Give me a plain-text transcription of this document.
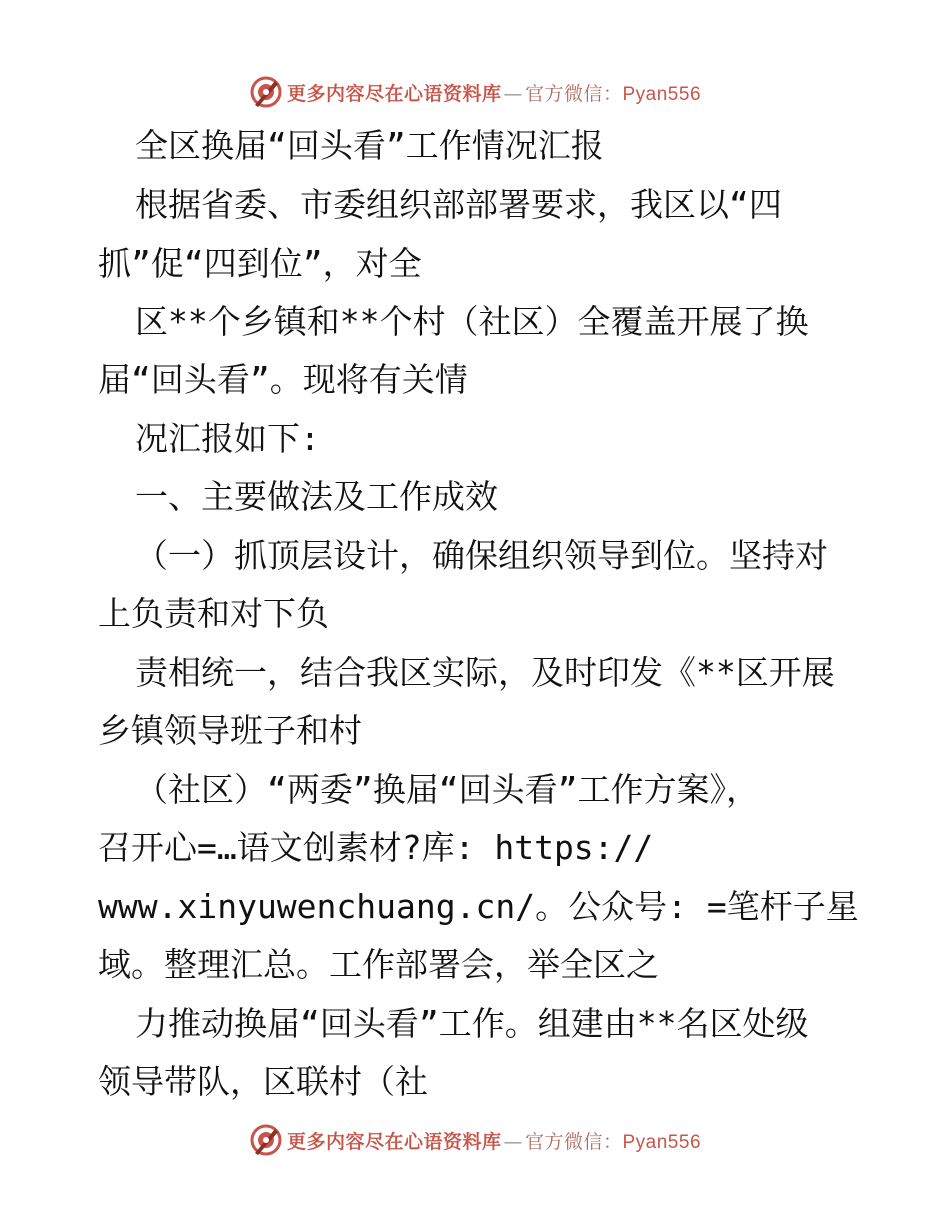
更多内容尽在心语资料库 — 官方微信： Pyan556
全区换届“回头看”工作情况汇报
根据省委、市委组织部部署要求，我区以“四
抓”促“四到位”，对全
区**个乡镇和**个村（社区）全覆盖开展了换
届“回头看”。现将有关情
况汇报如下:
一、主要做法及工作成效
（一）抓顶层设计，确保组织领导到位。坚持对
上负责和对下负
责相统一，结合我区实际，及时印发《**区开展
乡镇领导班子和村
（社区）“两委”换届“回头看”工作方案》，
召开心=…语文创素材?库: https://
www.xinyuwenchuang.cn/。公众号: =笔杆子星
域。整理汇总。工作部署会，举全区之
力推动换届“回头看”工作。组建由**名区处级
领导带队，区联村（社
更多内容尽在心语资料库 — 官方微信： Pyan556
